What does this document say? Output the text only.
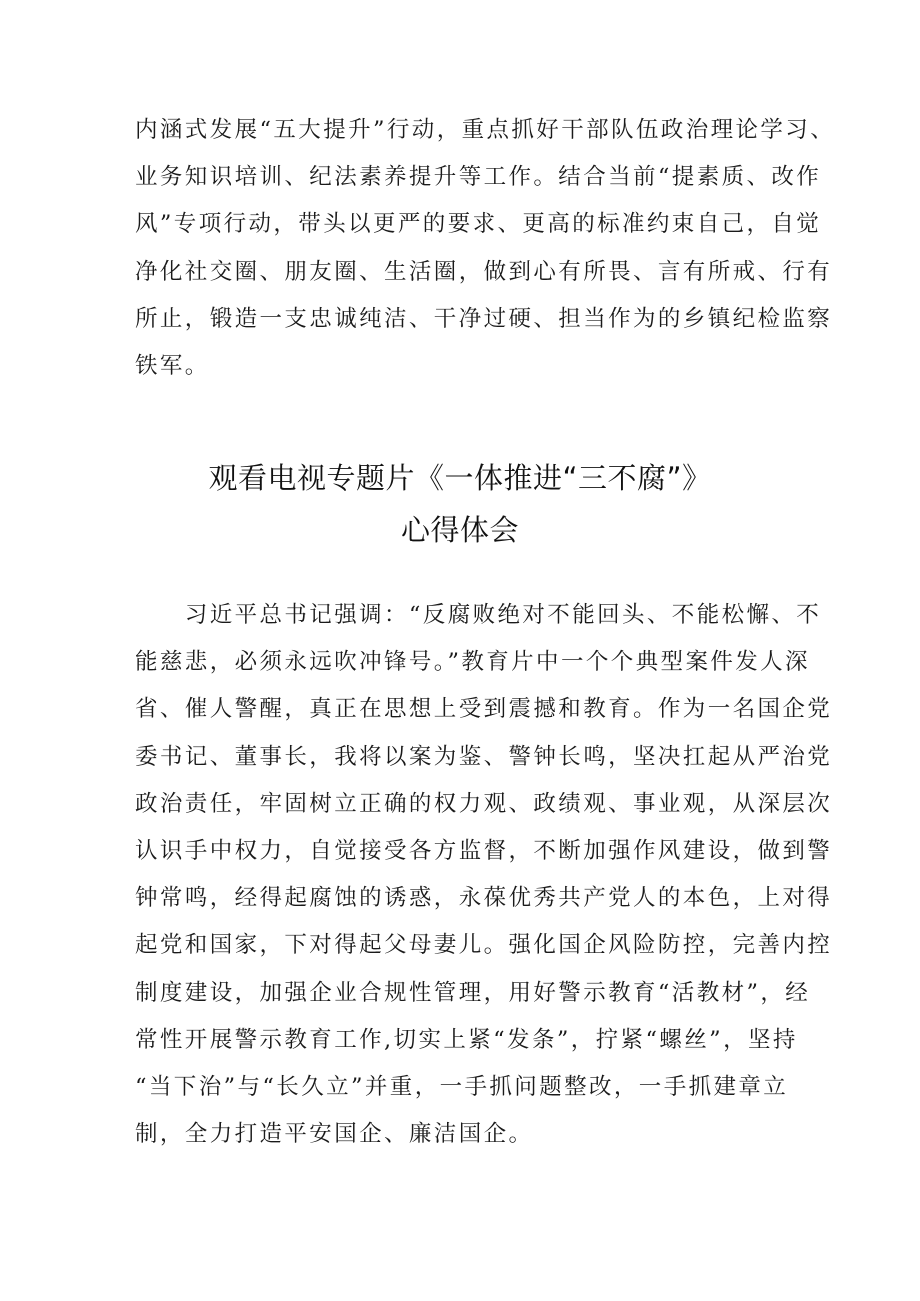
内涵式发展“五大提升”行动，重点抓好干部队伍政治理论学习、
业务知识培训、纪法素养提升等工作。结合当前“提素质、改作
风”专项行动，带头以更严的要求、更高的标准约束自己，自觉
净化社交圈、朋友圈、生活圈，做到心有所畏、言有所戒、行有
所止，锻造一支忠诚纯洁、干净过硬、担当作为的乡镇纪检监察
铁军。
观看电视专题片《一体推进“三不腐”》
心得体会
　　习近平总书记强调：“反腐败绝对不能回头、不能松懈、不
能慈悲，必须永远吹冲锋号。”教育片中一个个典型案件发人深
省、催人警醒，真正在思想上受到震撼和教育。作为一名国企党
委书记、董事长，我将以案为鉴、警钟长鸣，坚决扛起从严治党
政治责任，牢固树立正确的权力观、政绩观、事业观，从深层次
认识手中权力，自觉接受各方监督，不断加强作风建设，做到警
钟常鸣，经得起腐蚀的诱惑，永葆优秀共产党人的本色，上对得
起党和国家，下对得起父母妻儿。强化国企风险防控，完善内控
制度建设，加强企业合规性管理，用好警示教育“活教材”，经
常性开展警示教育工作,切实上紧“发条”，拧紧“螺丝”，坚持
“当下治”与“长久立”并重，一手抓问题整改，一手抓建章立
制，全力打造平安国企、廉洁国企。
